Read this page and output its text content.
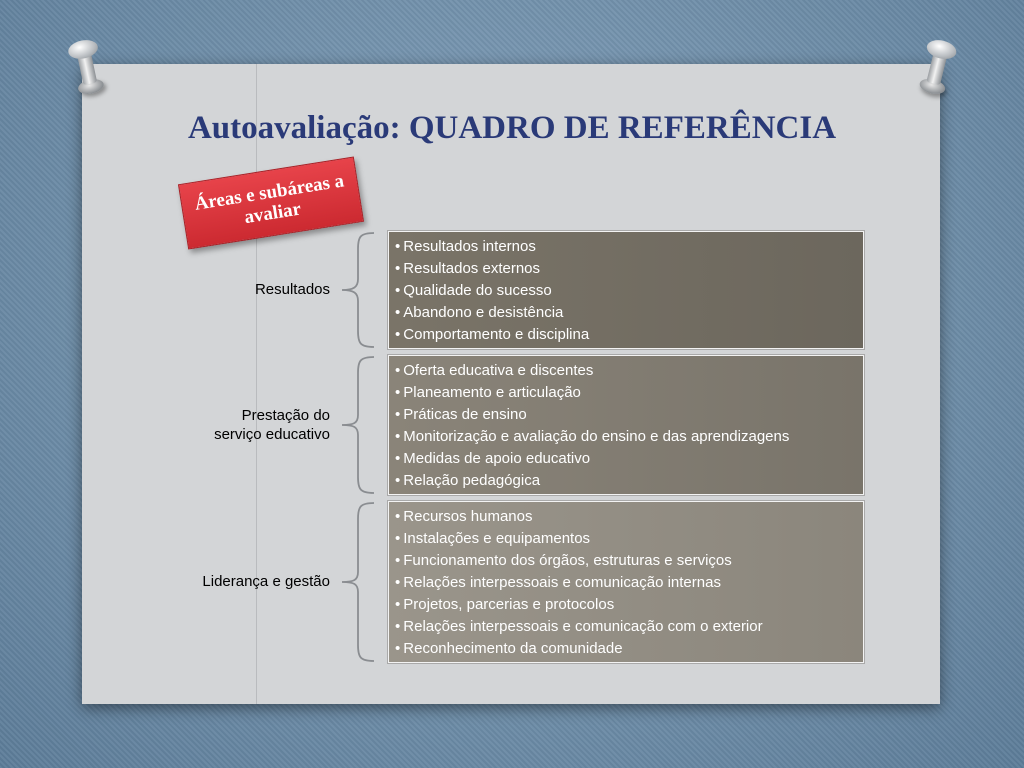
Autoavaliação: QUADRO DE REFERÊNCIA
Áreas e subáreas a avaliar
Resultados
• Resultados internos
• Resultados externos
• Qualidade do sucesso
• Abandono e desistência
• Comportamento e disciplina
Prestação do
serviço educativo
• Oferta educativa e discentes
• Planeamento e articulação
• Práticas de ensino
• Monitorização e avaliação do ensino e das aprendizagens
• Medidas de apoio educativo
• Relação pedagógica
Liderança e gestão
• Recursos humanos
• Instalações e equipamentos
• Funcionamento dos órgãos, estruturas e serviços
• Relações interpessoais e comunicação internas
• Projetos, parcerias e protocolos
• Relações interpessoais e comunicação com o exterior
• Reconhecimento da comunidade
